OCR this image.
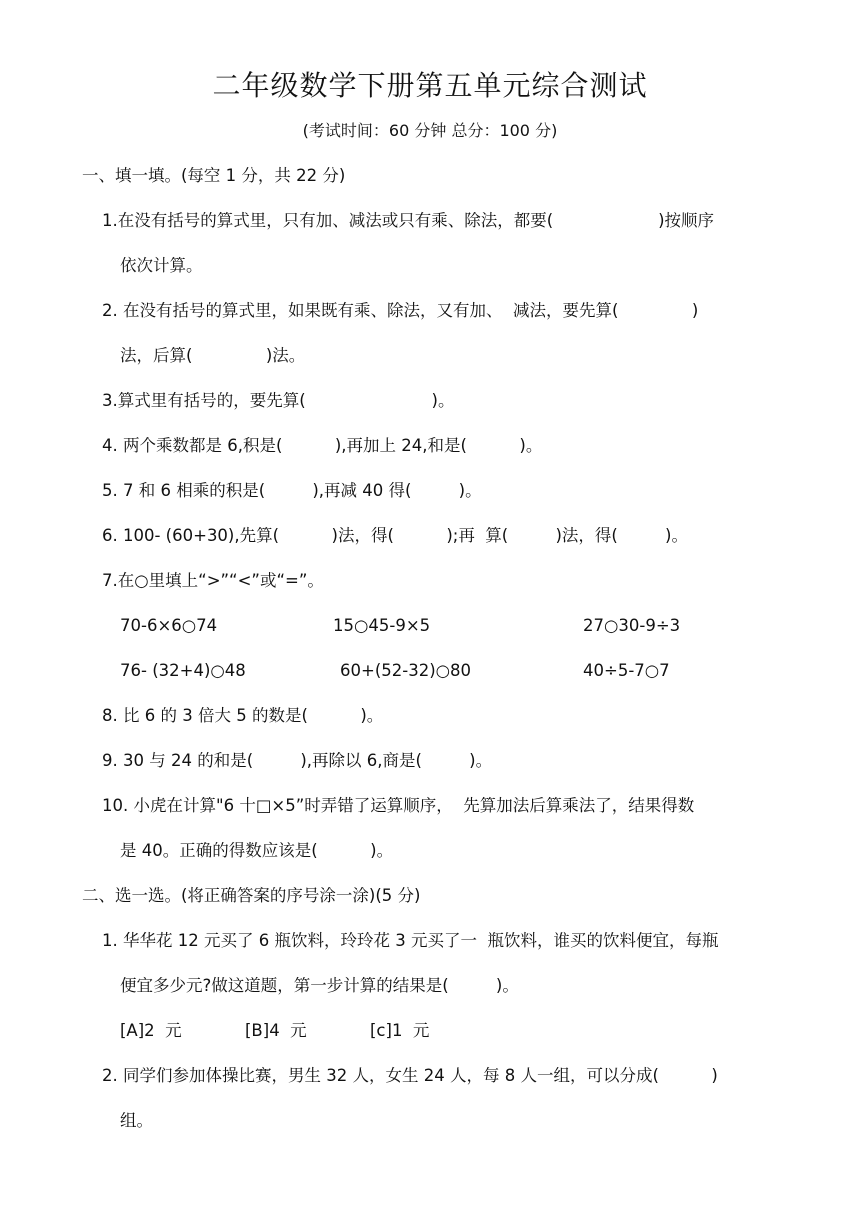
二年级数学下册第五单元综合测试
(考试时间：60 分钟 总分：100 分)
一、填一填。(每空 1 分，共 22 分)
1.在没有括号的算式里，只有加、减法或只有乘、除法，都要(                    )按顺序
依次计算。
2. 在没有括号的算式里，如果既有乘、除法，又有加、  减法，要先算(              )
法，后算(              )法。
3.算式里有括号的，要先算(                        )。
4. 两个乘数都是 6,积是(          ),再加上 24,和是(          )。
5. 7 和 6 相乘的积是(         ),再减 40 得(         )。
6. 100- (60+30),先算(          )法，得(          );再  算(         )法，得(         )。
7.在○里填上“>”“<”或“=”。
70-6×6○74	15○45-9×5	27○30-9÷3
76- (32+4)○48	60+(52-32)○80	40÷5-7○7
8. 比 6 的 3 倍大 5 的数是(          )。
9. 30 与 24 的和是(         ),再除以 6,商是(         )。
10. 小虎在计算"6 十□×5”时弄错了运算顺序，  先算加法后算乘法了，结果得数
是 40。正确的得数应该是(          )。
二、选一选。(将正确答案的序号涂一涂)(5 分)
1. 华华花 12 元买了 6 瓶饮料，玲玲花 3 元买了一  瓶饮料，谁买的饮料便宜，每瓶
便宜多少元?做这道题，第一步计算的结果是(         )。
[A]2  元	[B]4  元	[c]1  元
2. 同学们参加体操比赛，男生 32 人，女生 24 人，每 8 人一组，可以分成(          )
组。
